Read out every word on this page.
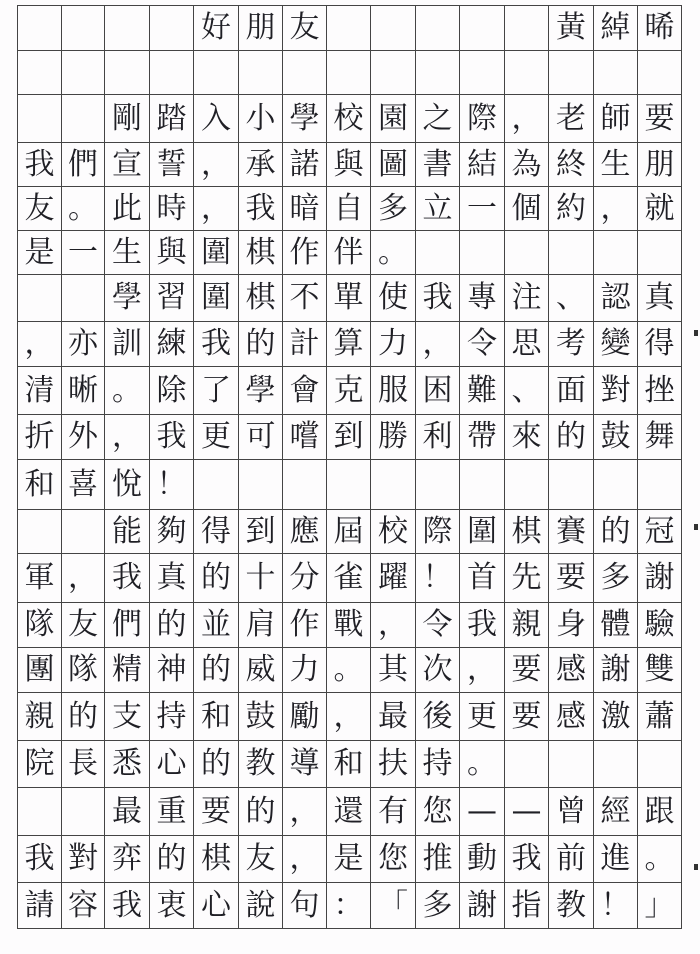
好 朋 友	黃 綽 晞
剛 踏 入 小 學 校 園 之 際 ， 老 師 要
我 們 宣 誓 ， 承 諾 與 圖 書 結 為 終 生 朋
友 。 此 時 ， 我 暗 自 多 立 一 個 約 ， 就
是 一 生 與 圍 棋 作 伴 。
學 習 圍 棋 不 單 使 我 專 注 、 認 真
， 亦 訓 練 我 的 計 算 力 ， 令 思 考 變 得
清 晰 。 除 了 學 會 克 服 困 難 、 面 對 挫
折 外 ， 我 更 可 嚐 到 勝 利 帶 來 的 鼓 舞
和 喜 悅 ！
能 夠 得 到 應 屆 校 際 圍 棋 賽 的 冠
軍 ， 我 真 的 十 分 雀 躍 ！ 首 先 要 多 謝
隊 友 們 的 並 肩 作 戰 ， 令 我 親 身 體 驗
團 隊 精 神 的 威 力 。 其 次 ， 要 感 謝 雙
親 的 支 持 和 鼓 勵 ， 最 後 更 要 感 激 蕭
院 長 悉 心 的 教 導 和 扶 持 。
最 重 要 的 ， 還 有 您 — — 曾 經 跟
我 對 弈 的 棋 友 ， 是 您 推 動 我 前 進 。
請 容 我 衷 心 說 句 ： 「 多 謝 指 教 ！ 」
